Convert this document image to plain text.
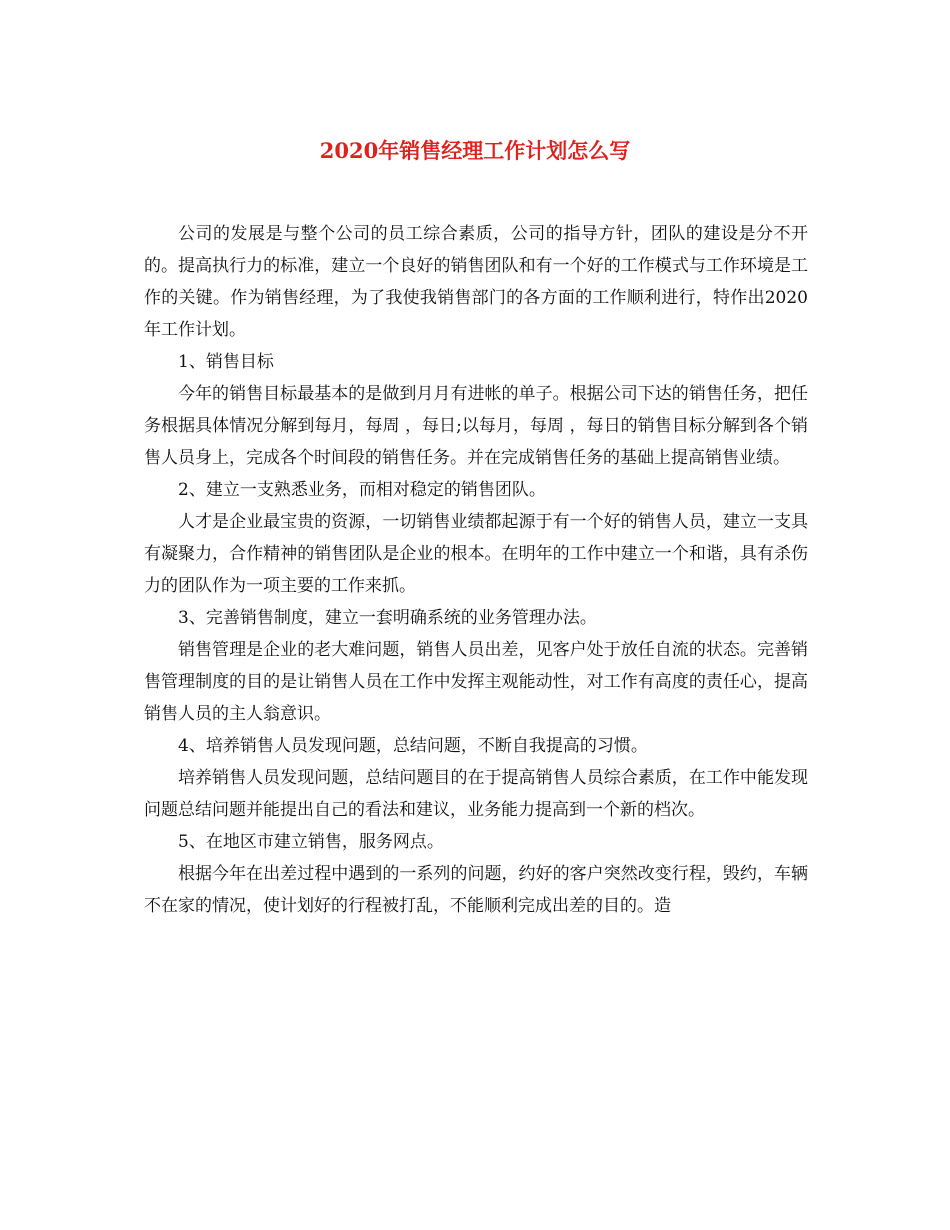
2020年销售经理工作计划怎么写

公司的发展是与整个公司的员工综合素质，公司的指导方针，团队的建设是分不开的。提高执行力的标准，建立一个良好的销售团队和有一个好的工作模式与工作环境是工作的关键。作为销售经理，为了我使我销售部门的各方面的工作顺利进行，特作出2020年工作计划。

1、销售目标

今年的销售目标最基本的是做到月月有进帐的单子。根据公司下达的销售任务，把任务根据具体情况分解到每月，每周 ，每日;以每月，每周 ，每日的销售目标分解到各个销售人员身上，完成各个时间段的销售任务。并在完成销售任务的基础上提高销售业绩。

2、建立一支熟悉业务，而相对稳定的销售团队。

人才是企业最宝贵的资源，一切销售业绩都起源于有一个好的销售人员，建立一支具有凝聚力，合作精神的销售团队是企业的根本。在明年的工作中建立一个和谐，具有杀伤力的团队作为一项主要的工作来抓。

3、完善销售制度，建立一套明确系统的业务管理办法。

销售管理是企业的老大难问题，销售人员出差，见客户处于放任自流的状态。完善销售管理制度的目的是让销售人员在工作中发挥主观能动性，对工作有高度的责任心，提高销售人员的主人翁意识。

4、培养销售人员发现问题，总结问题，不断自我提高的习惯。

培养销售人员发现问题，总结问题目的在于提高销售人员综合素质，在工作中能发现问题总结问题并能提出自己的看法和建议，业务能力提高到一个新的档次。

5、在地区市建立销售，服务网点。

根据今年在出差过程中遇到的一系列的问题，约好的客户突然改变行程，毁约，车辆不在家的情况，使计划好的行程被打乱，不能顺利完成出差的目的。造
